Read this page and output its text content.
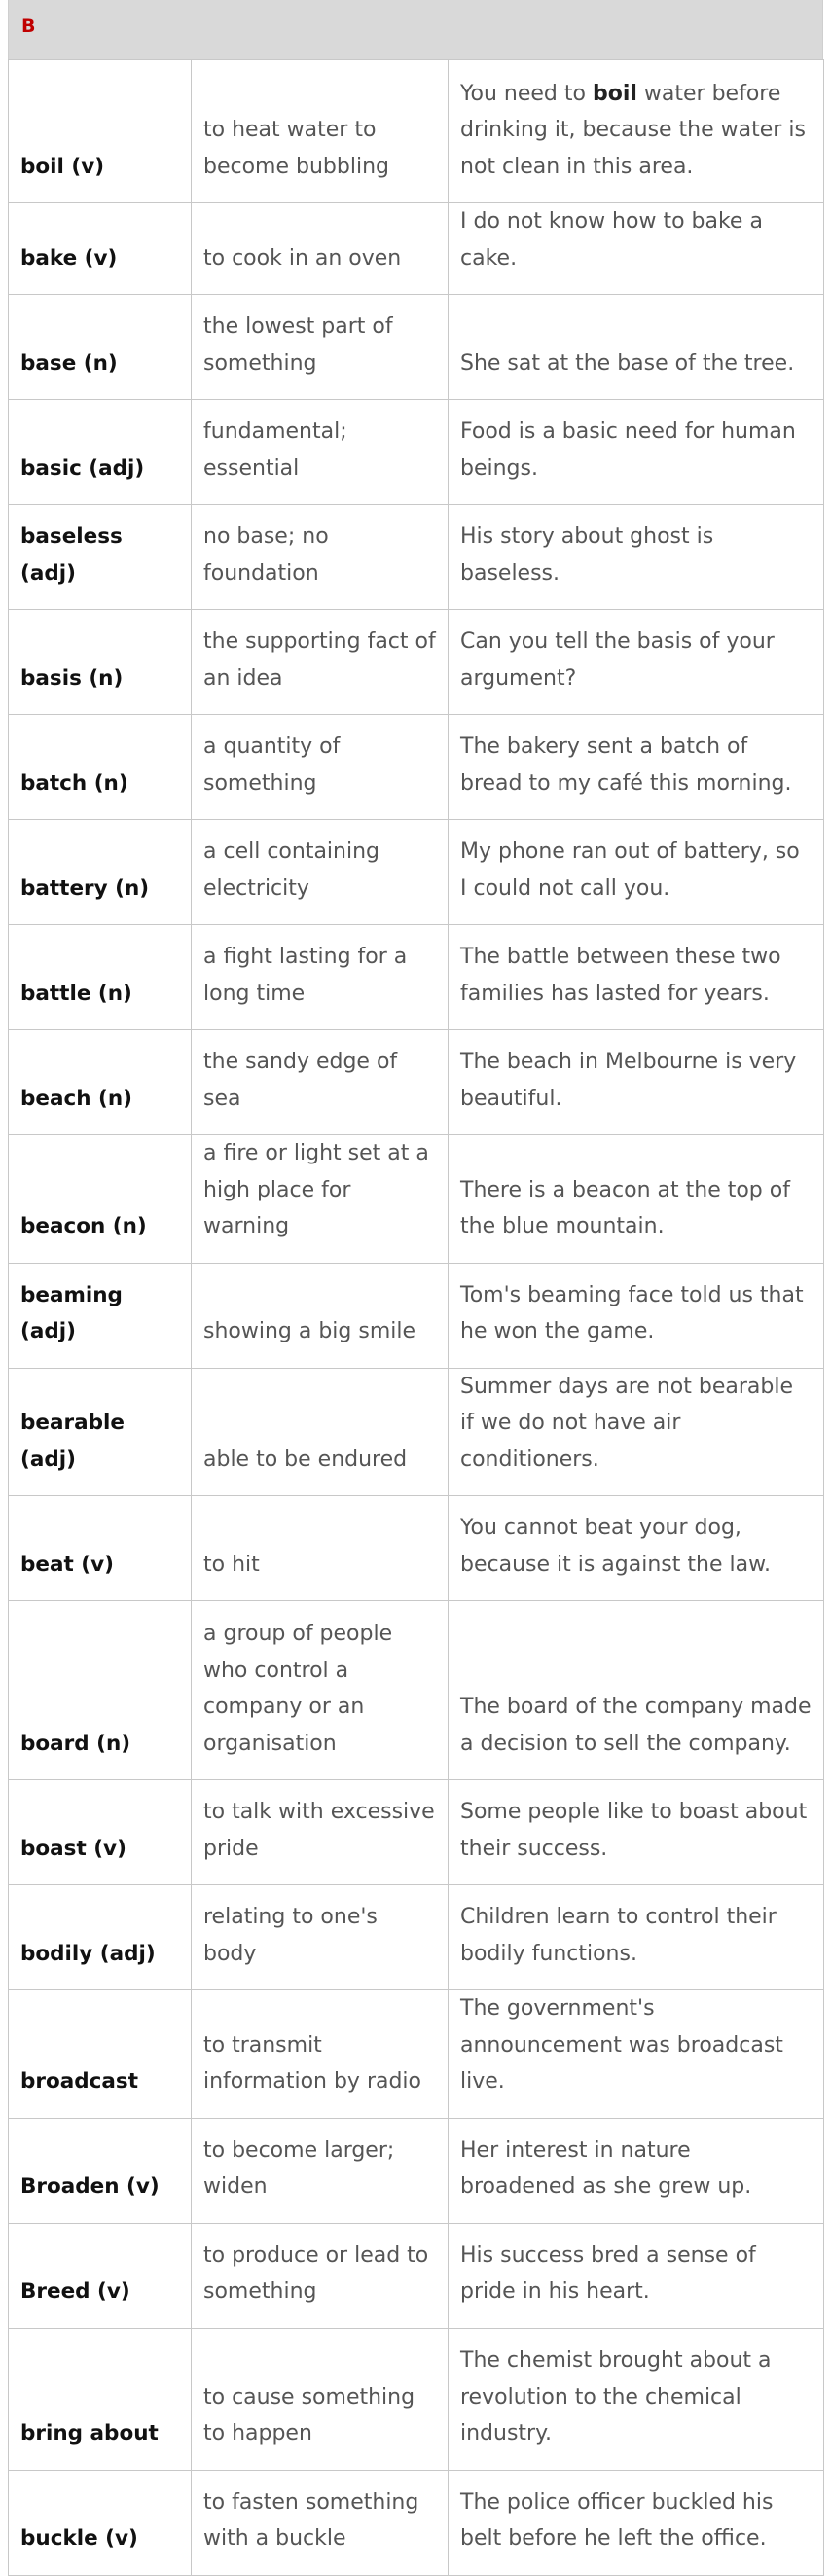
B
boil (v)	to heat water to become bubbling	You need to boil water before drinking it, because the water is not clean in this area.
bake (v)	to cook in an oven	I do not know how to bake a cake.
base (n)	the lowest part of something	She sat at the base of the tree.
basic (adj)	fundamental; essential	Food is a basic need for human beings.
baseless (adj)	no base; no foundation	His story about ghost is baseless.
basis (n)	the supporting fact of an idea	Can you tell the basis of your argument?
batch (n)	a quantity of something	The bakery sent a batch of bread to my café this morning.
battery (n)	a cell containing electricity	My phone ran out of battery, so I could not call you.
battle (n)	a fight lasting for a long time	The battle between these two families has lasted for years.
beach (n)	the sandy edge of sea	The beach in Melbourne is very beautiful.
beacon (n)	a fire or light set at a high place for warning	There is a beacon at the top of the blue mountain.
beaming (adj)	showing a big smile	Tom's beaming face told us that he won the game.
bearable (adj)	able to be endured	Summer days are not bearable if we do not have air conditioners.
beat (v)	to hit	You cannot beat your dog, because it is against the law.
board (n)	a group of people who control a company or an organisation	The board of the company made a decision to sell the company.
boast (v)	to talk with excessive pride	Some people like to boast about their success.
bodily (adj)	relating to one's body	Children learn to control their bodily functions.
broadcast	to transmit information by radio	The government's announcement was broadcast live.
Broaden (v)	to become larger; widen	Her interest in nature broadened as she grew up.
Breed (v)	to produce or lead to something	His success bred a sense of pride in his heart.
bring about	to cause something to happen	The chemist brought about a revolution to the chemical industry.
buckle (v)	to fasten something with a buckle	The police officer buckled his belt before he left the office.
